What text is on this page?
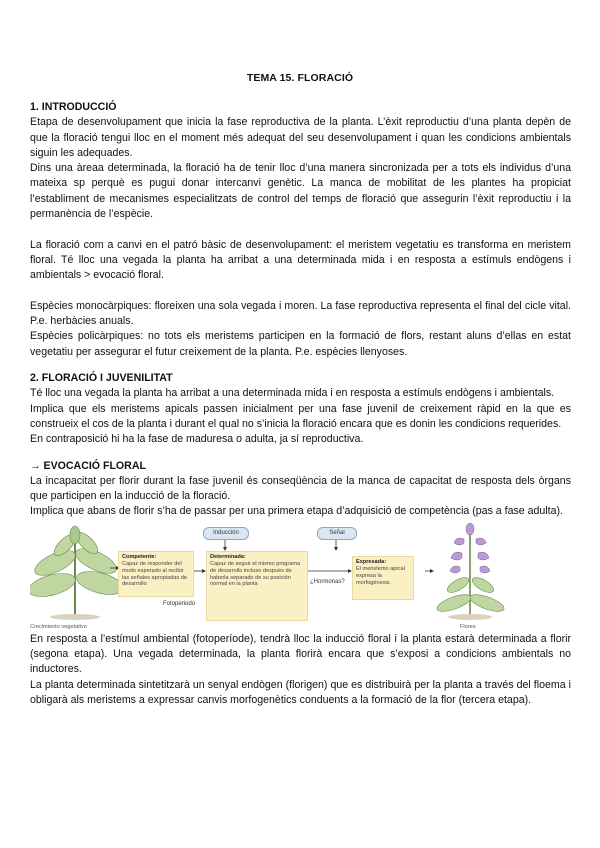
TEMA 15. FLORACIÓ
1. INTRODUCCIÓ

Etapa de desenvolupament que inicia la fase reproductiva de la planta. L’èxit reproductiu d’una planta depèn de que la floració tengui lloc en el moment més adequat del seu desenvolupament i quan les condicions ambientals siguin les adequades.

Dins una àreaa determinada, la floració ha de tenir lloc d’una manera sincronizada per a tots els individus d’una mateixa sp perquè es pugui donar intercanvi genètic. La manca de mobilitat de les plantes ha propiciat l’establiment de mecanismes especialitzats de control del temps de floració que assegurin l’èxit reproductiu i la permanència de l’espècie.

La floració com a canvi en el patró bàsic de desenvolupament: el meristem vegetatiu es transforma en meristem floral. Té lloc una vegada la planta ha arribat a una determinada mida i en resposta a estímuls endògens i ambientals > evocació floral.

Espècies monocàrpiques: floreixen una sola vegada i moren. La fase reproductiva representa el final del cicle vital. P.e. herbàcies anuals.

Espècies policàrpiques: no tots els meristems participen en la formació de flors, restant aluns d’ellas en estat vegetatiu per assegurar el futur creixement de la planta. P.e. espècies llenyoses.

2. FLORACIÓ I JUVENILITAT

Té lloc una vegada la planta ha arribat a una determinada mida i en resposta a estímuls endògens i ambientals.

Implica que els meristems apicals passen inicialment per una fase juvenil de creixement ràpid en la que es construeix el cos de la planta i durant el qual no s’inicia la floració encara que es donin les condicions requerides.

En contraposició hi ha la fase de maduresa o adulta, ja sí reproductiva.

→ EVOCACIÓ FLORAL

La incapacitat per florir durant la fase juvenil és conseqüència de la manca de capacitat de resposta dels òrgans que participen en la inducció de la floració.

Implica que abans de florir s’ha de passar per una primera etapa d’adquisició de competència (pas a fase adulta).

Inducción	Señal
Competente:
Capaz de responder del modo esperado al recibir las señales apropiadas de desarrollo
Determinada:
Capaz de seguir el mismo programa de desarrollo incluso después de haberla separado de su posición normal en la planta
Expresada:
El meristemo apical expresa la morfogénesis.
Fotoperiodo
¿Hormonas?
Crecimiento vegetativo	Flores

En resposta a l’estímul ambiental (fotoperíode), tendrà lloc la inducció floral i la planta estarà determinada a florir (segona etapa). Una vegada determinada, la planta florirà encara que s’exposi a condicions ambientals no inductores.

La planta determinada sintetitzarà un senyal endògen (florigen) que es distribuirà per la planta a través del floema i obligarà als meristems a expressar canvis morfogenètics conduents a la formació de la flor (tercera etapa).
